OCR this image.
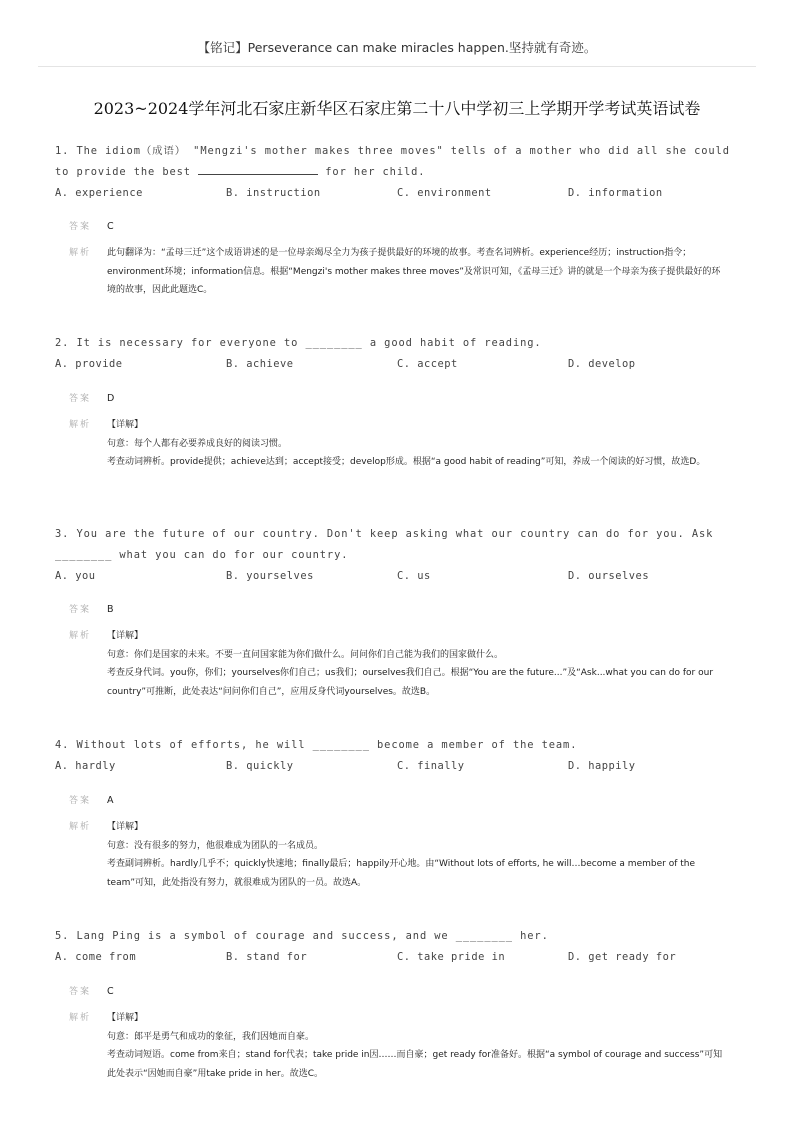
【铭记】Perseverance can make miracles happen.坚持就有奇迹。
2023~2024学年河北石家庄新华区石家庄第二十八中学初三上学期开学考试英语试卷

1. The idiom（成语） "Mengzi's mother makes three moves" tells of a mother who did all she could to provide the best	for her child.

A. experience	B. instruction	C. environment	D. information
答案	C
解析	此句翻译为：“孟母三迁”这个成语讲述的是一位母亲竭尽全力为孩子提供最好的环境的故事。考查名词辨析。experience经历；instruction指令；environment环境；information信息。根据“Mengzi's mother makes three moves”及常识可知，《孟母三迁》讲的就是一个母亲为孩子提供最好的环境的故事，因此此题选C。

2. It is necessary for everyone to ________ a good habit of reading.

A. provide	B. achieve	C. accept	D. develop
答案	D
解析	【详解】
句意：每个人都有必要养成良好的阅读习惯。
考查动词辨析。provide提供；achieve达到；accept接受；develop形成。根据“a good habit of reading”可知，养成一个阅读的好习惯，故选D。

3. You are the future of our country. Don't keep asking what our country can do for you. Ask ________ what you can do for our country.

A. you	B. yourselves	C. us	D. ourselves
答案	B
解析	【详解】
句意：你们是国家的未来。不要一直问国家能为你们做什么。问问你们自己能为我们的国家做什么。
考查反身代词。you你，你们；yourselves你们自己；us我们；ourselves我们自己。根据“You are the future...”及“Ask...what you can do for our country”可推断，此处表达“问问你们自己”，应用反身代词yourselves。故选B。

4. Without lots of efforts, he will ________ become a member of the team.

A. hardly	B. quickly	C. finally	D. happily
答案	A
解析	【详解】
句意：没有很多的努力，他很难成为团队的一名成员。
考查副词辨析。hardly几乎不；quickly快速地；finally最后；happily开心地。由“Without lots of efforts, he will…become a member of the team”可知，此处指没有努力，就很难成为团队的一员。故选A。

5. Lang Ping is a symbol of courage and success, and we ________ her.

A. come from	B. stand for	C. take pride in	D. get ready for
答案	C
解析	【详解】
句意：郎平是勇气和成功的象征，我们因她而自豪。
考查动词短语。come from来自；stand for代表；take pride in因……而自豪；get ready for准备好。根据“a symbol of courage and success”可知此处表示“因她而自豪”用take pride in her。故选C。
